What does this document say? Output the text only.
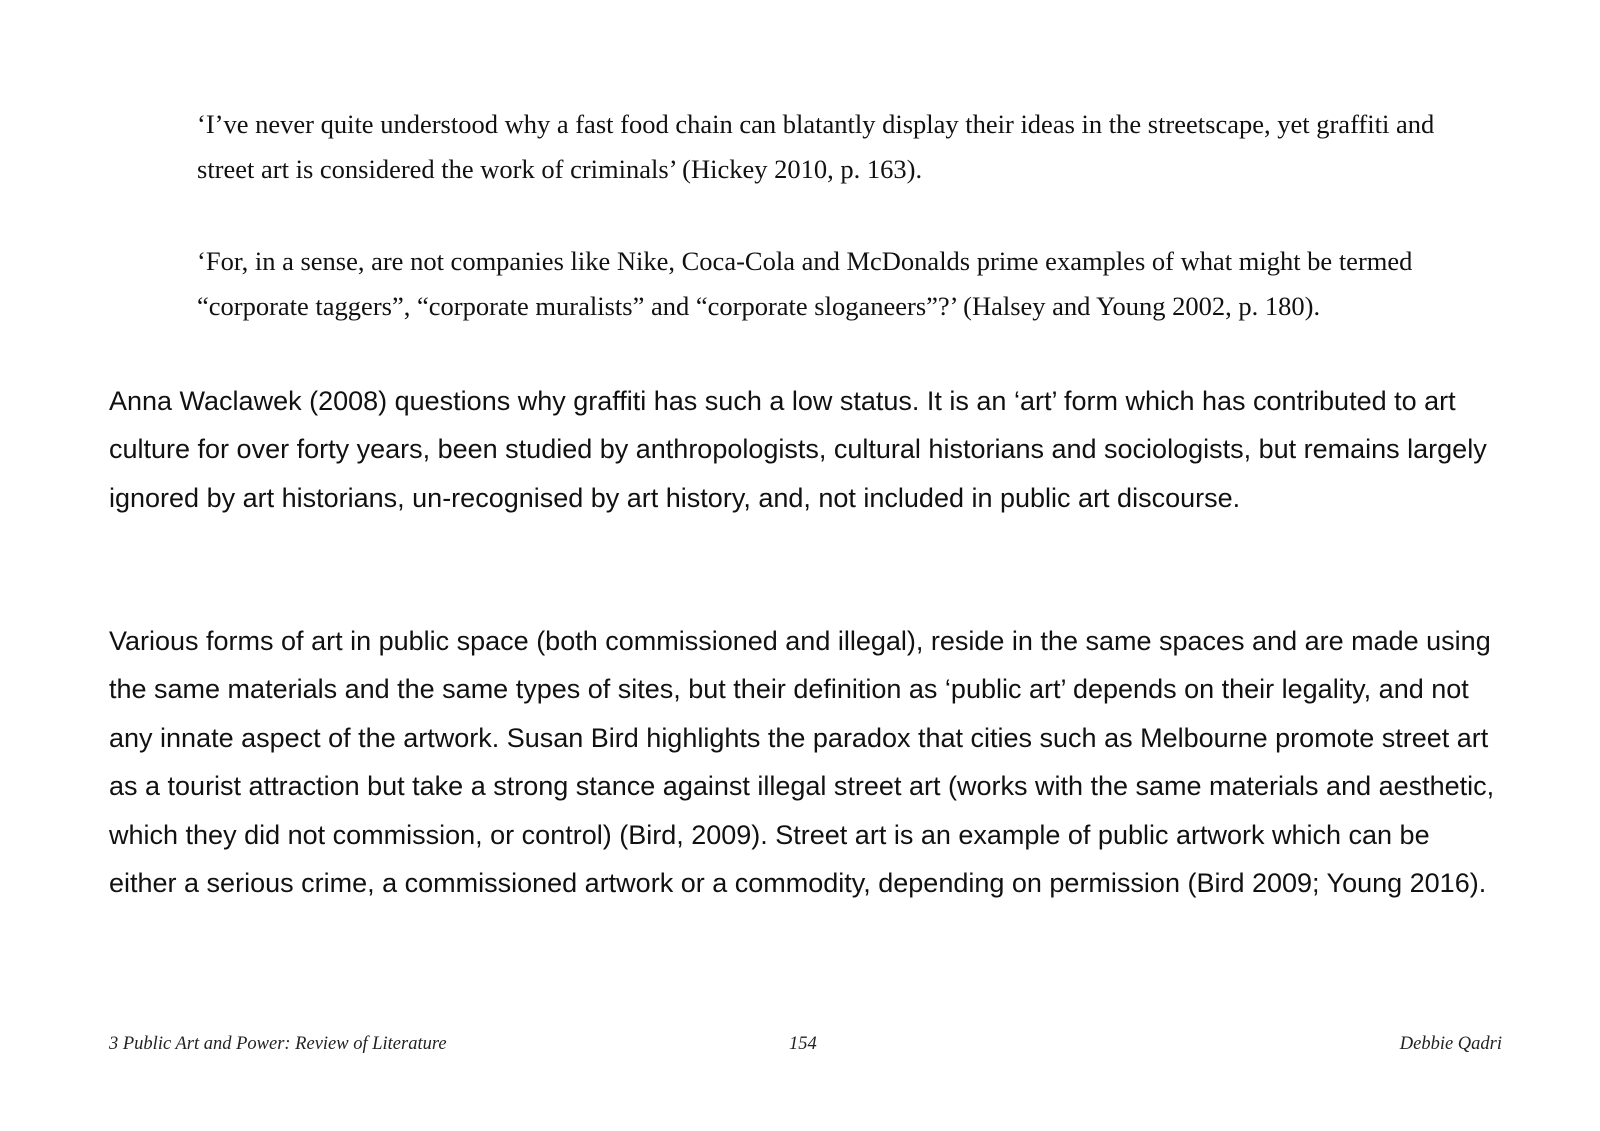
‘I’ve never quite understood why a fast food chain can blatantly display their ideas in the streetscape, yet graffiti and street art is considered the work of criminals’ (Hickey 2010, p. 163).

‘For, in a sense, are not companies like Nike, Coca-Cola and McDonalds prime examples of what might be termed “corporate taggers”, “corporate muralists” and “corporate sloganeers”?’ (Halsey and Young 2002, p. 180).

Anna Waclawek (2008) questions why graffiti has such a low status. It is an ‘art’ form which has contributed to art culture for over forty years, been studied by anthropologists, cultural historians and sociologists, but remains largely ignored by art historians, un-recognised by art history, and, not included in public art discourse.

Various forms of art in public space (both commissioned and illegal), reside in the same spaces and are made using the same materials and the same types of sites, but their definition as ‘public art’ depends on their legality, and not any innate aspect of the artwork. Susan Bird highlights the paradox that cities such as Melbourne promote street art as a tourist attraction but take a strong stance against illegal street art (works with the same materials and aesthetic, which they did not commission, or control) (Bird, 2009). Street art is an example of public artwork which can be either a serious crime, a commissioned artwork or a commodity, depending on permission (Bird 2009; Young 2016).

3 Public Art and Power: Review of Literature	154	Debbie Qadri
